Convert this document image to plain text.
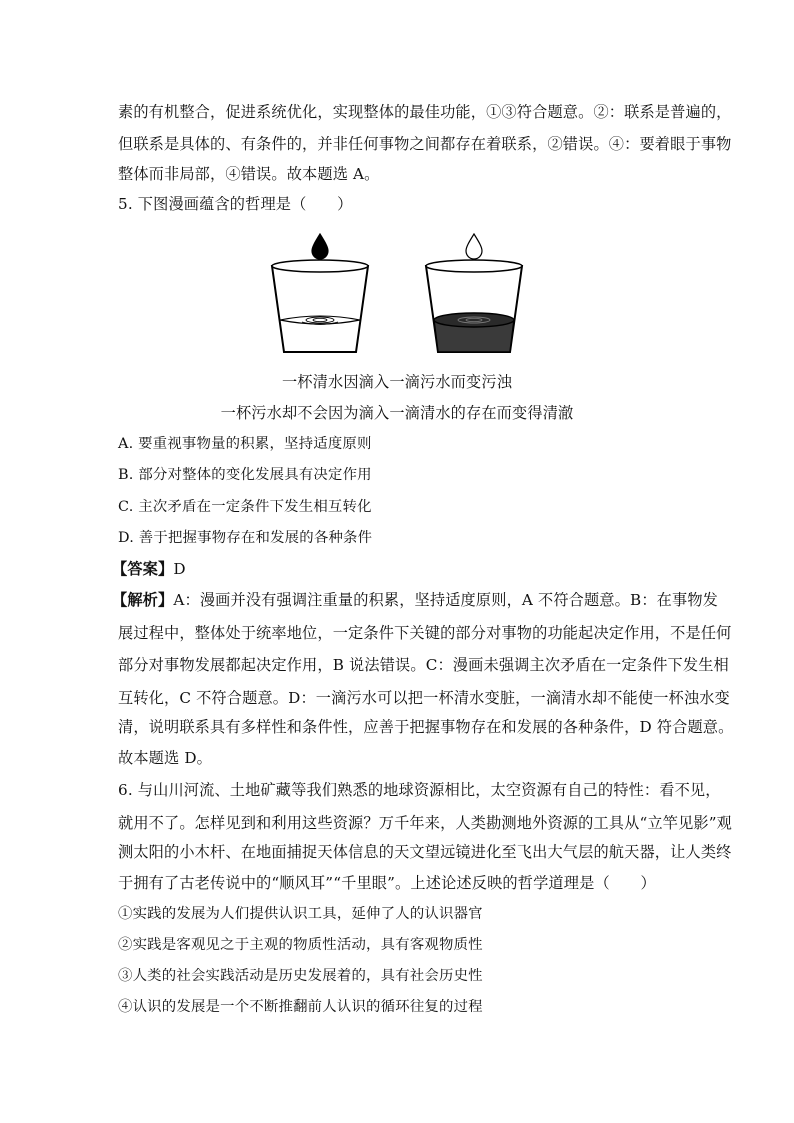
素的有机整合，促进系统优化，实现整体的最佳功能，①③符合题意。②：联系是普遍的，
但联系是具体的、有条件的，并非任何事物之间都存在着联系，②错误。④：要着眼于事物
整体而非局部，④错误。故本题选 A。
5. 下图漫画蕴含的哲理是（　　）
一杯清水因滴入一滴污水而变污浊
一杯污水却不会因为滴入一滴清水的存在而变得清澈
A. 要重视事物量的积累，坚持适度原则
B. 部分对整体的变化发展具有决定作用
C. 主次矛盾在一定条件下发生相互转化
D. 善于把握事物存在和发展的各种条件
【答案】D
【解析】A：漫画并没有强调注重量的积累，坚持适度原则，A 不符合题意。B：在事物发
展过程中，整体处于统率地位，一定条件下关键的部分对事物的功能起决定作用，不是任何
部分对事物发展都起决定作用，B 说法错误。C：漫画未强调主次矛盾在一定条件下发生相
互转化，C 不符合题意。D：一滴污水可以把一杯清水变脏，一滴清水却不能使一杯浊水变
清，说明联系具有多样性和条件性，应善于把握事物存在和发展的各种条件，D 符合题意。
故本题选 D。
6. 与山川河流、土地矿藏等我们熟悉的地球资源相比，太空资源有自己的特性：看不见，
就用不了。怎样见到和利用这些资源？万千年来，人类勘测地外资源的工具从“立竿见影”观
测太阳的小木杆、在地面捕捉天体信息的天文望远镜进化至飞出大气层的航天器，让人类终
于拥有了古老传说中的“顺风耳”“千里眼”。上述论述反映的哲学道理是（　　）
①实践的发展为人们提供认识工具，延伸了人的认识器官
②实践是客观见之于主观的物质性活动，具有客观物质性
③人类的社会实践活动是历史发展着的，具有社会历史性
④认识的发展是一个不断推翻前人认识的循环往复的过程
